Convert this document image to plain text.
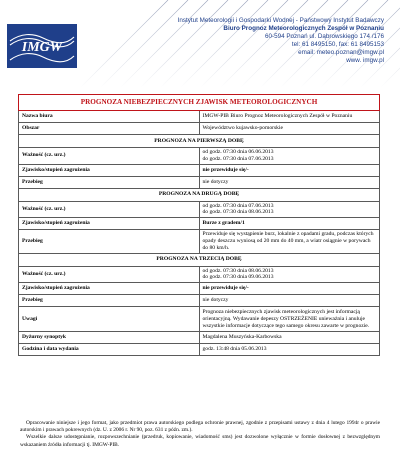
IMGW
Instytut Meteorologii i Gospodarki Wodnej - Państwowy Instytut Badawczy
Biuro Prognoz Meteorologicznych Zespół w Poznaniu
60-594 Poznań ul. Dąbrowskiego 174 /176
tel: 61 8495150, fax: 61 8495153
email: meteo.poznan@imgw.pl
www. imgw.pl
PROGNOZA NIEBEZPIECZNYCH ZJAWISK METEOROLOGICZNYCH	
Nazwa biura	IMGW-PIB Biuro Prognoz Meteorologicznych Zespół w Poznaniu
Obszar	Województwo kujawsko-pomorskie
PROGNOZA NA PIERWSZĄ DOBĘ	
Ważność (cz. urz.)	od godz. 07:30 dnia 06.06.2013
do godz. 07:30 dnia 07.06.2013

Zjawisko/stopień zagrożenia	nie przewiduje się/-
Przebieg	nie dotyczy
PROGNOZA NA DRUGĄ DOBĘ	
Ważność (cz. urz.)	od godz. 07:30 dnia 07.06.2013
do godz. 07:30 dnia 08.06.2013

Zjawisko/stopień zagrożenia	Burze z gradem/1
Przebieg	Przewiduje się wystąpienie burz, lokalnie z opadami gradu, podczas których opady deszczu wyniosą od 20 mm do 40 mm, a wiatr osiągnie w porywach do 80 km/h.
PROGNOZA NA TRZECIĄ DOBĘ	
Ważność (cz. urz.)	od godz. 07:30 dnia 08.06.2013
do godz. 07:30 dnia 09.06.2013

Zjawisko/stopień zagrożenia	nie przewiduje się/-
Przebieg	nie dotyczy
Uwagi	Prognoza niebezpiecznych zjawisk meteorologicznych jest informacją orientacyjną. Wydawanie depeszy OSTRZEŻENIE unieważnia i anuluje wszystkie informacje dotyczące tego samego okresu zawarte w prognozie.
Dyżurny synoptyk	Magdalena Muszyńska-Karbowska
Godzina i data wydania	godz. 13:48 dnia 05.06.2013

Opracowanie niniejsze i jego format, jako przedmiot prawa autorskiego podlega ochronie prawnej, zgodnie z przepisami ustawy z dnia 4 lutego 1994r o prawie autorskim i prawach pokrewnych (dz. U. z 2006 r. Nr 90, poz. 631 z późn. zm.).

Wszelkie dalsze udostępnianie, rozpowszechnianie (przedruk, kopiowanie, wiadomość sms) jest dozwolone wyłącznie w formie dosłownej z bezwzględnym wskazaniem źródła informacji tj. IMGW-PIB.
